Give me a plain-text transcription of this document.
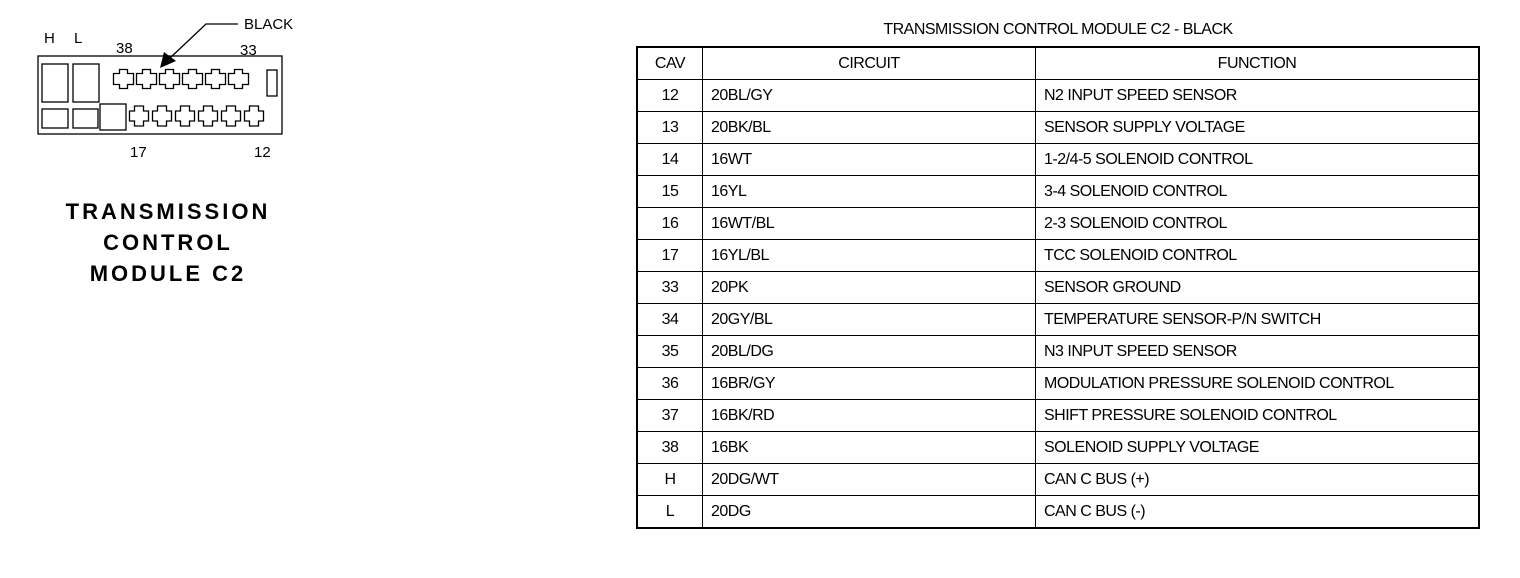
BLACK
H L
38	33
17	12
TRANSMISSION
CONTROL
MODULE C2
TRANSMISSION CONTROL MODULE C2 - BLACK
CAV	CIRCUIT	FUNCTION
12	20BL/GY	N2 INPUT SPEED SENSOR
13	20BK/BL	SENSOR SUPPLY VOLTAGE
14	16WT	1-2/4-5 SOLENOID CONTROL
15	16YL	3-4 SOLENOID CONTROL
16	16WT/BL	2-3 SOLENOID CONTROL
17	16YL/BL	TCC SOLENOID CONTROL
33	20PK	SENSOR GROUND
34	20GY/BL	TEMPERATURE SENSOR-P/N SWITCH
35	20BL/DG	N3 INPUT SPEED SENSOR
36	16BR/GY	MODULATION PRESSURE SOLENOID CONTROL
37	16BK/RD	SHIFT PRESSURE SOLENOID CONTROL
38	16BK	SOLENOID SUPPLY VOLTAGE
H	20DG/WT	CAN C BUS (+)
L	20DG	CAN C BUS (-)
